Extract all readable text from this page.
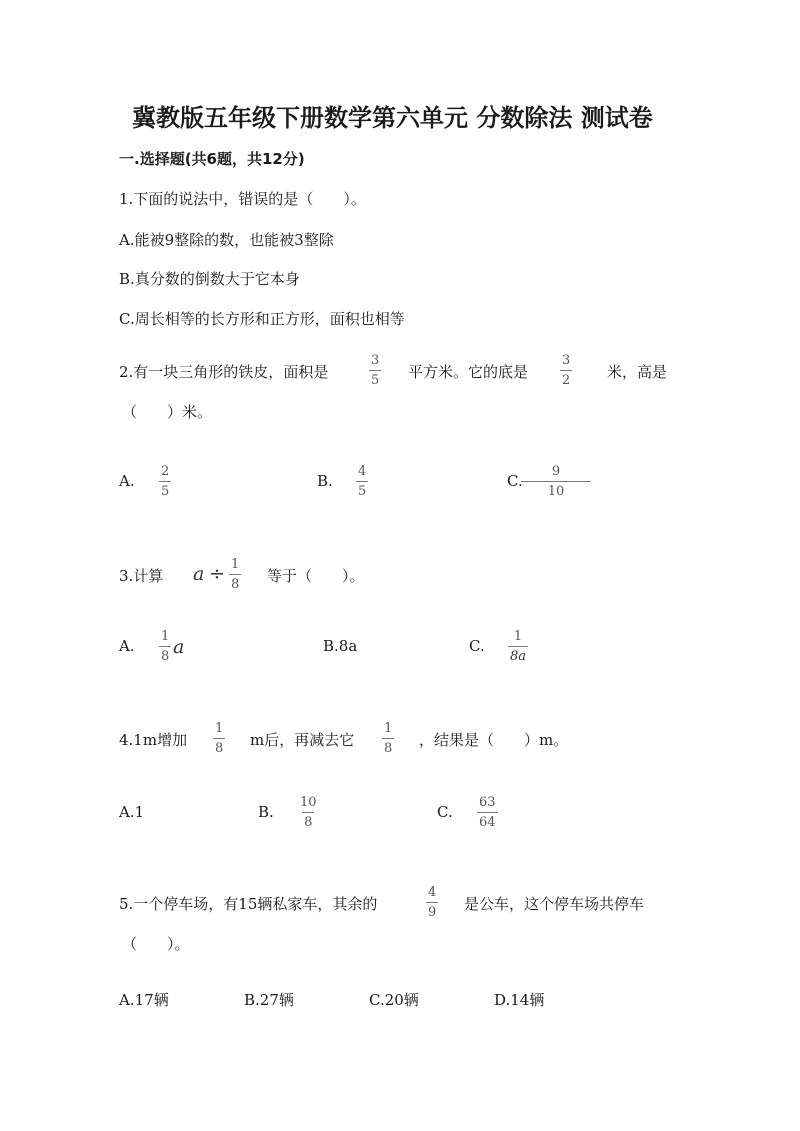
冀教版五年级下册数学第六单元 分数除法 测试卷
一.选择题(共6题，共12分)
1.下面的说法中，错误的是（　　）。
A.能被9整除的数，也能被3整除
B.真分数的倒数大于它本身
C.周长相等的长方形和正方形，面积也相等
2.有一块三角形的铁皮，面积是	$\frac{3}{5}$ 平方米。它的底是 $\frac{3}{2}$ 米，高是
（　　）米。
A. $\frac{2}{5}$	B. $\frac{4}{5}$	C.
$\frac{9}{10}$
3.计算 $a \div \frac{1}{8}$ 等于（　　）。
A. $\frac{1}{8}$ a	B.8a	C. $\frac{1}{8a}$
4.1m增加 $\frac{1}{8}$ m后，再减去它 $\frac{1}{8}$ ，结果是（　　）m。
A.1	B. $\frac{10}{8}$	C. $\frac{63}{64}$
5.一个停车场，有15辆私家车，其余的	$\frac{4}{9}$ 是公车，这个停车场共停车
（　　）。
A.17辆	B.27辆	C.20辆	D.14辆
